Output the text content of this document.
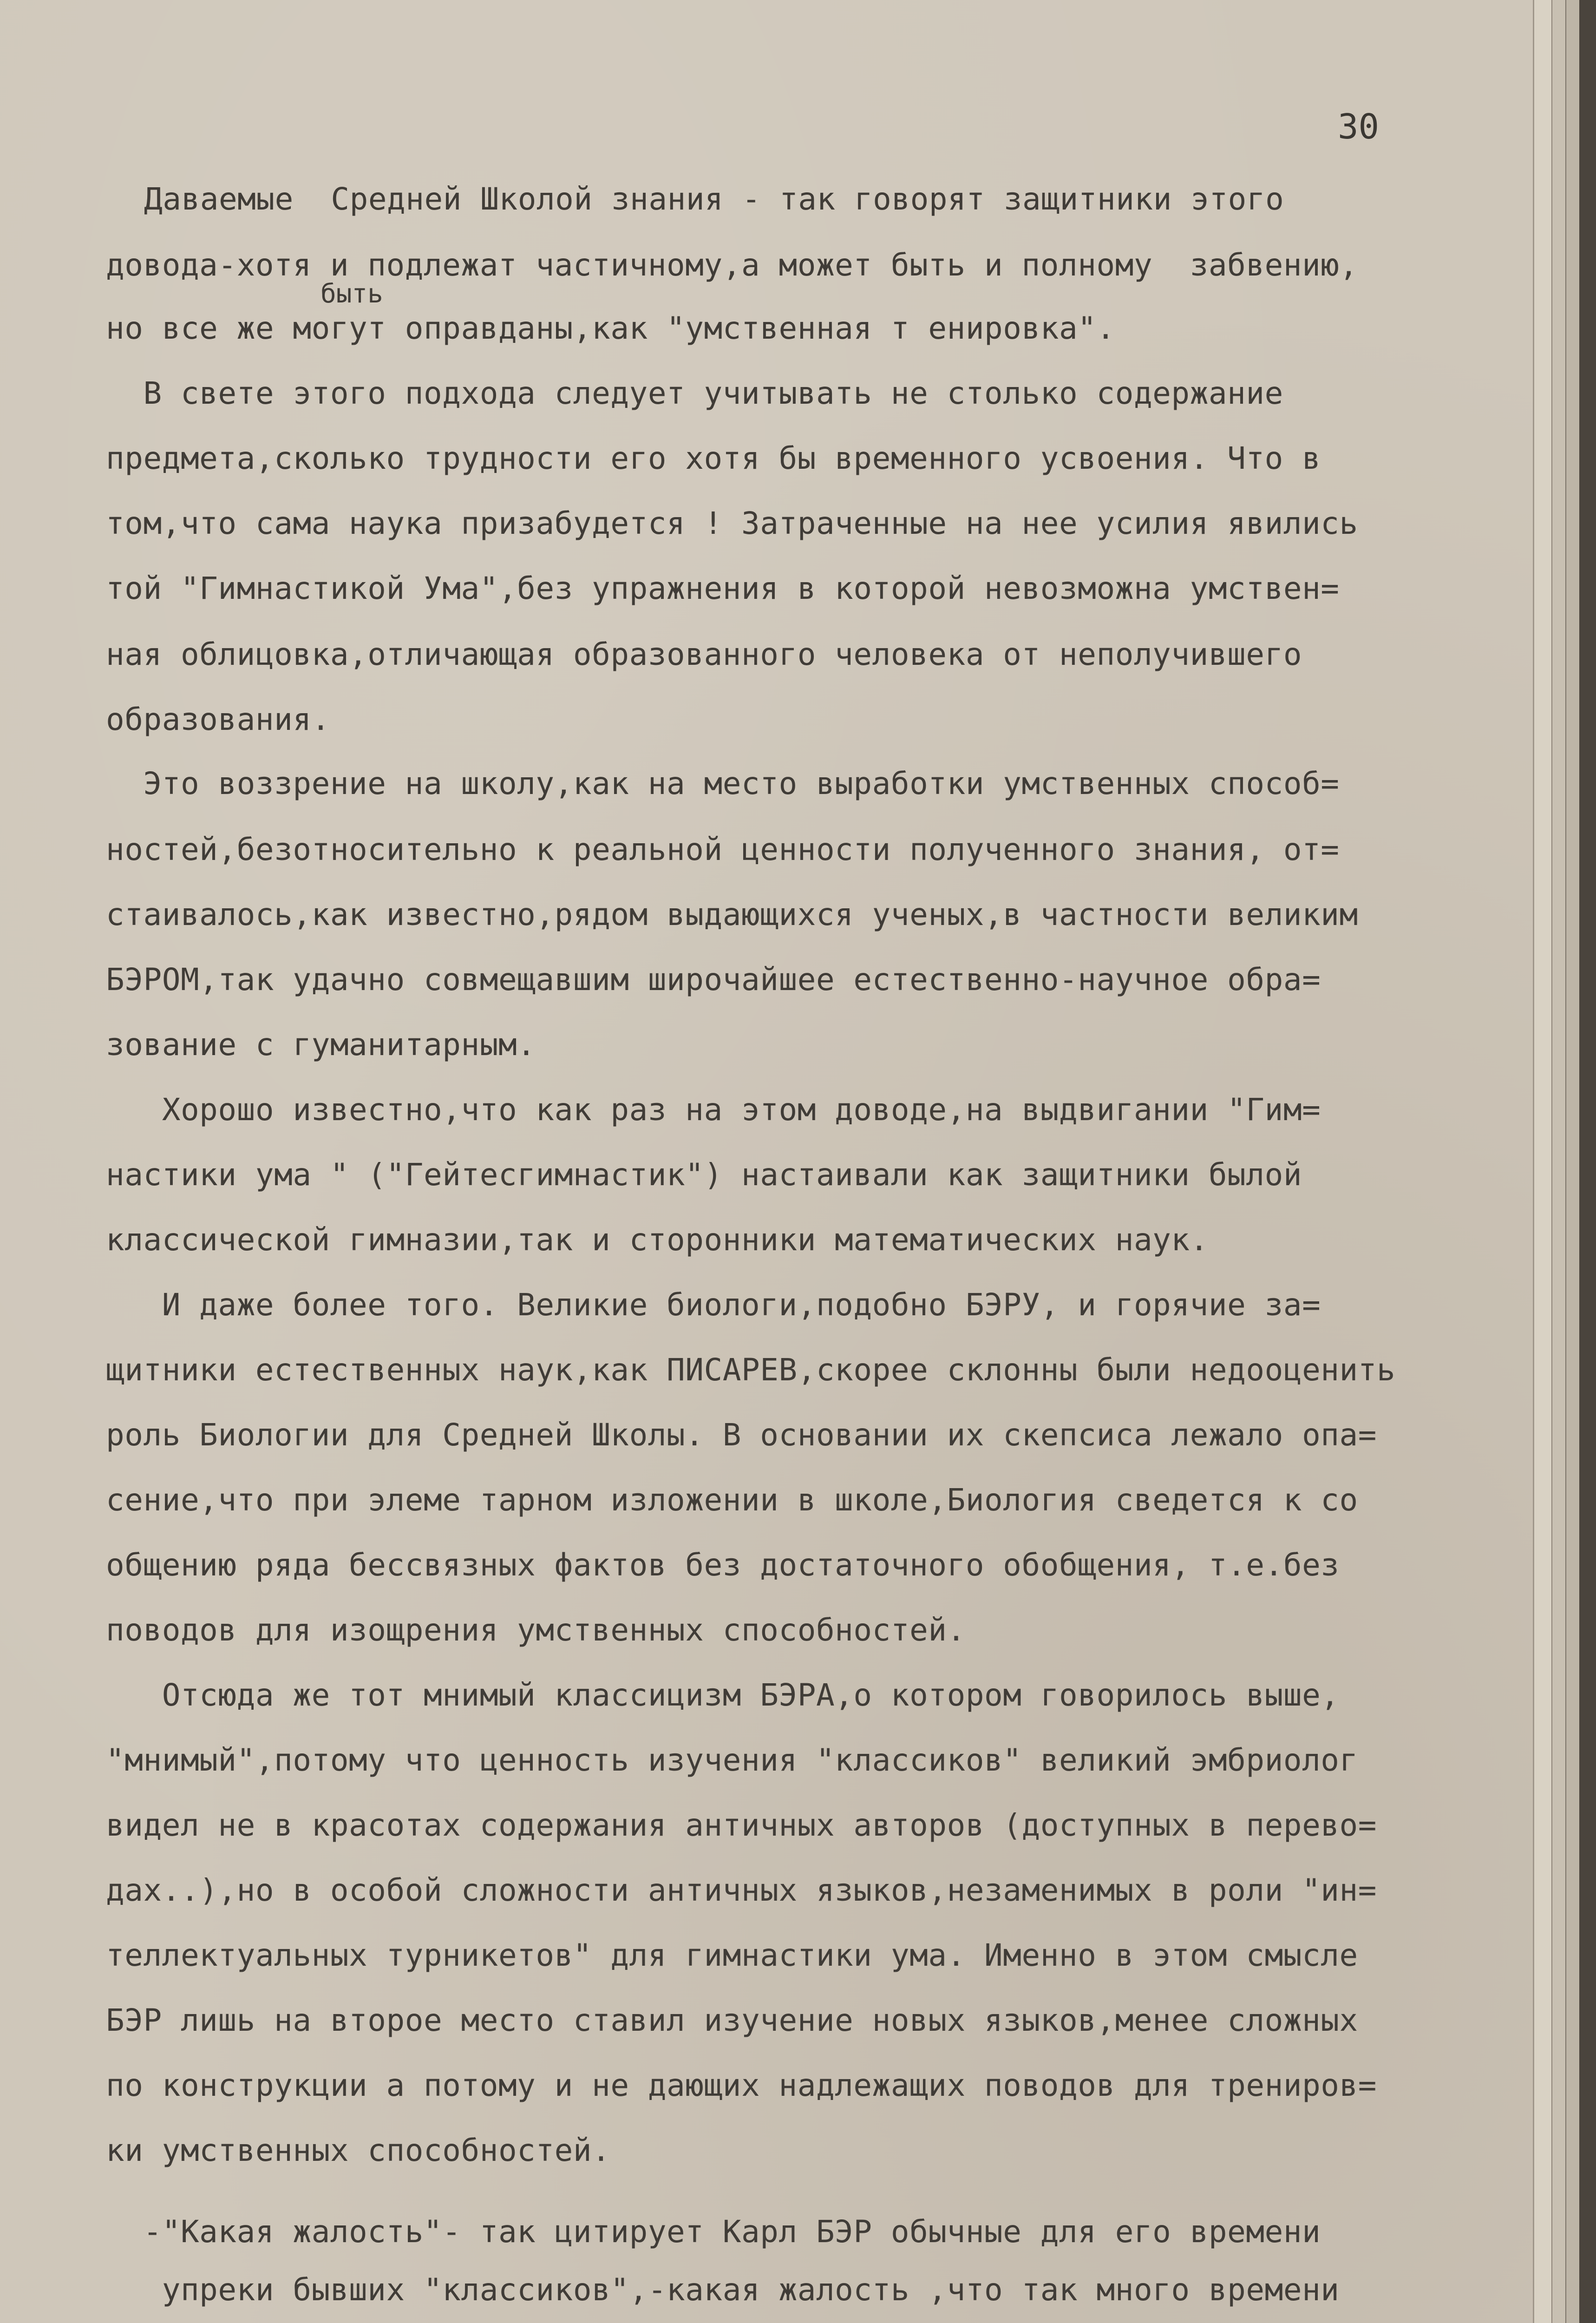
30
быть
Даваемые  Средней Школой знания - так говорят защитники этого
довода-хотя и подлежат частичному,а может быть и полному  забвению,
но все же могут оправданы,как "умственная т енировка".
В свете этого подхода следует учитывать не столько содержание
предмета,сколько трудности его хотя бы временного усвоения. Что в
том,что сама наука призабудется ! Затраченные на нее усилия явились
той "Гимнастикой Ума",без упражнения в которой невозможна умствен=
ная облицовка,отличающая образованного человека от неполучившего
образования.
Это воззрение на школу,как на место выработки умственных способ=
ностей,безотносительно к реальной ценности полученного знания, от=
стаивалось,как известно,рядом выдающихся ученых,в частности великим
БЭРОМ,так удачно совмещавшим широчайшее естественно-научное обра=
зование с гуманитарным.
Хорошо известно,что как раз на этом доводе,на выдвигании "Гим=
настики ума " ("Гейтесгимнастик") настаивали как защитники былой
классической гимназии,так и сторонники математических наук.
И даже более того. Великие биологи,подобно БЭРУ, и горячие за=
щитники естественных наук,как ПИСАРЕВ,скорее склонны были недооценить
роль Биологии для Средней Школы. В основании их скепсиса лежало опа=
сение,что при элеме тарном изложении в школе,Биология сведется к со
общению ряда бессвязных фактов без достаточного обобщения, т.е.без
поводов для изощрения умственных способностей.
Отсюда же тот мнимый классицизм БЭРА,о котором говорилось выше,
"мнимый",потому что ценность изучения "классиков" великий эмбриолог
видел не в красотах содержания античных авторов (доступных в перево=
дах..),но в особой сложности античных языков,незаменимых в роли "ин=
теллектуальных турникетов" для гимнастики ума. Именно в этом смысле
БЭР лишь на второе место ставил изучение новых языков,менее сложных
по конструкции а потому и не дающих надлежащих поводов для трениров=
ки умственных способностей.
-"Какая жалость"- так цитирует Карл БЭР обычные для его времени
упреки бывших "классиков",-какая жалость ,что так много времени
